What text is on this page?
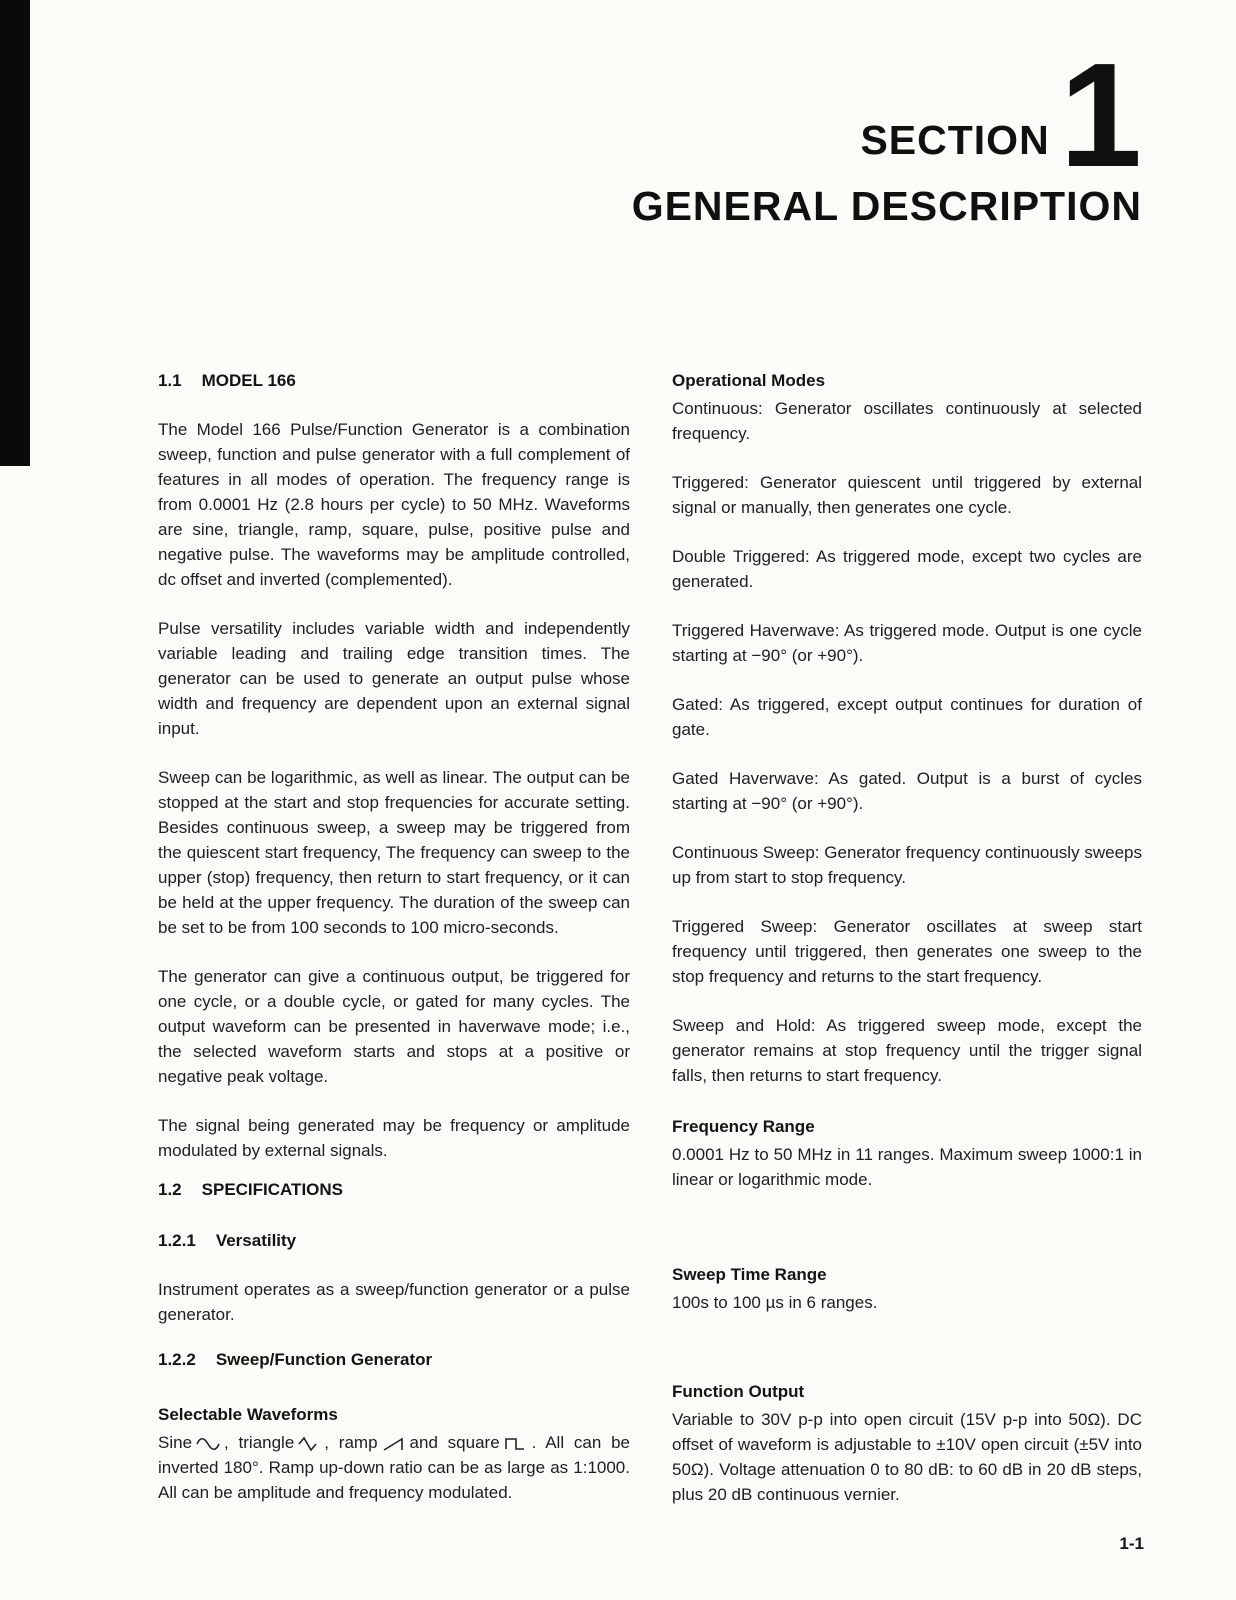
SECTION1
GENERAL DESCRIPTION

1.1 MODEL 166

The Model 166 Pulse/Function Generator is a combination sweep, function and pulse generator with a full complement of features in all modes of operation. The frequency range is from 0.0001 Hz (2.8 hours per cycle) to 50 MHz. Waveforms are sine, triangle, ramp, square, pulse, positive pulse and negative pulse. The waveforms may be amplitude controlled, dc offset and inverted (complemented).

Pulse versatility includes variable width and independently variable leading and trailing edge transition times. The generator can be used to generate an output pulse whose width and frequency are dependent upon an external signal input.

Sweep can be logarithmic, as well as linear. The output can be stopped at the start and stop frequencies for accurate setting. Besides continuous sweep, a sweep may be triggered from the quiescent start frequency, The frequency can sweep to the upper (stop) frequency, then return to start frequency, or it can be held at the upper frequency. The duration of the sweep can be set to be from 100 seconds to 100 micro-seconds.

The generator can give a continuous output, be triggered for one cycle, or a double cycle, or gated for many cycles. The output waveform can be presented in haverwave mode; i.e., the selected waveform starts and stops at a positive or negative peak voltage.

The signal being generated may be frequency or amplitude modulated by external signals.

1.2 SPECIFICATIONS

1.2.1 Versatility

Instrument operates as a sweep/function generator or a pulse generator.

1.2.2 Sweep/Function Generator

Selectable Waveforms

Sine , triangle , ramp and square . All can be inverted 180°. Ramp up-down ratio can be as large as 1:1000. All can be amplitude and frequency modulated.

Operational Modes

Continuous: Generator oscillates continuously at selected frequency.

Triggered: Generator quiescent until triggered by external signal or manually, then generates one cycle.

Double Triggered: As triggered mode, except two cycles are generated.

Triggered Haverwave: As triggered mode. Output is one cycle starting at −90° (or +90°).

Gated: As triggered, except output continues for duration of gate.

Gated Haverwave: As gated. Output is a burst of cycles starting at −90° (or +90°).

Continuous Sweep: Generator frequency continuously sweeps up from start to stop frequency.

Triggered Sweep: Generator oscillates at sweep start frequency until triggered, then generates one sweep to the stop frequency and returns to the start frequency.

Sweep and Hold: As triggered sweep mode, except the generator remains at stop frequency until the trigger signal falls, then returns to start frequency.

Frequency Range

0.0001 Hz to 50 MHz in 11 ranges. Maximum sweep 1000:1 in linear or logarithmic mode.

Sweep Time Range

100s to 100 µs in 6 ranges.

Function Output

Variable to 30V p-p into open circuit (15V p-p into 50Ω). DC offset of waveform is adjustable to ±10V open circuit (±5V into 50Ω). Voltage attenuation 0 to 80 dB: to 60 dB in 20 dB steps, plus 20 dB continuous vernier.

1-1
